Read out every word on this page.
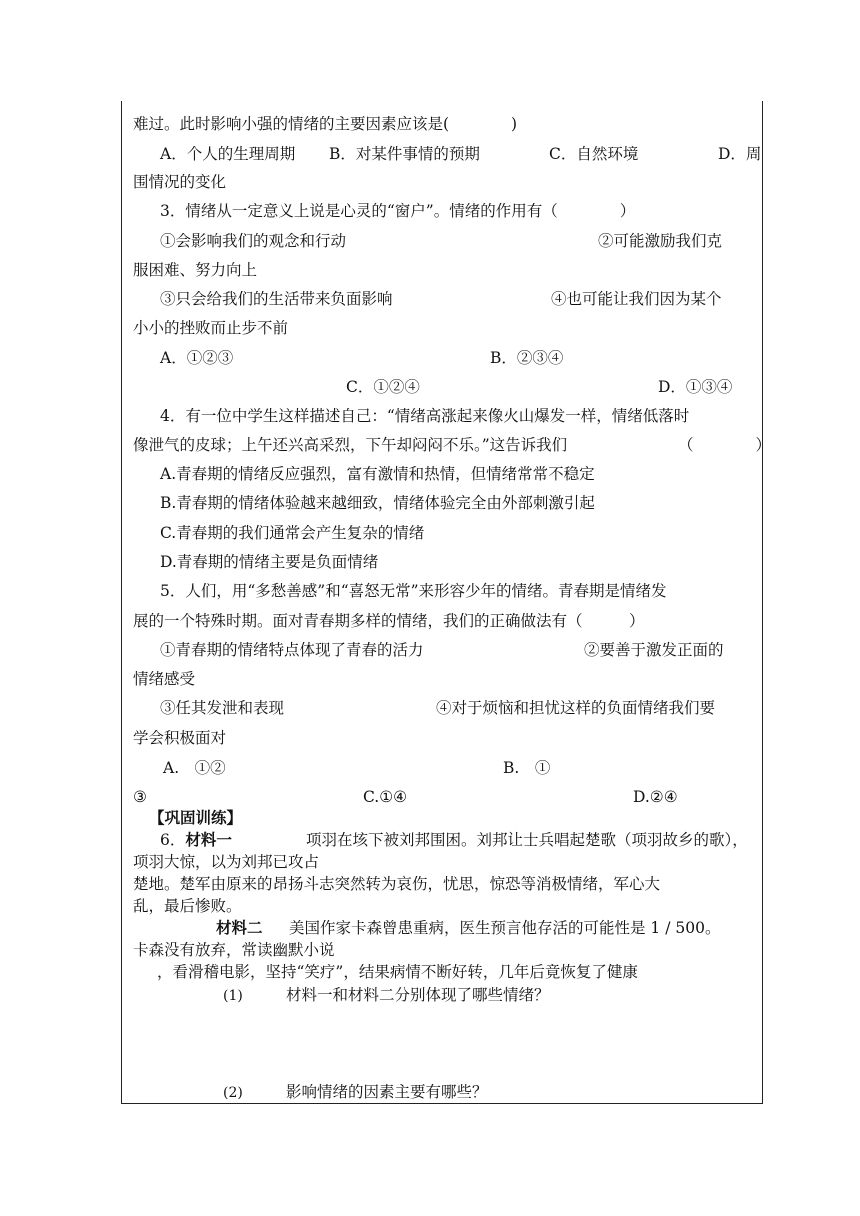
难过。此时影响小强的情绪的主要因素应该是(　　　　)
A．个人的生理周期 B．对某件事情的预期	C．自然环境	D．周
围情况的变化
3．情绪从一定意义上说是心灵的“窗户”。情绪的作用有（　　　　）
①会影响我们的观念和行动	②可能激励我们克
服困难、努力向上
③只会给我们的生活带来负面影响	④也可能让我们因为某个
小小的挫败而止步不前
A．①②③	B．②③④
C．①②④	D．①③④
4．有一位中学生这样描述自己：“情绪高涨起来像火山爆发一样，情绪低落时
像泄气的皮球；上午还兴高采烈，下午却闷闷不乐。”这告诉我们	（　　　　）
A.青春期的情绪反应强烈，富有激情和热情，但情绪常常不稳定
B.青春期的情绪体验越来越细致，情绪体验完全由外部刺激引起
C.青春期的我们通常会产生复杂的情绪
D.青春期的情绪主要是负面情绪
5．人们，用“多愁善感”和“喜怒无常”来形容少年的情绪。青春期是情绪发
展的一个特殊时期。面对青春期多样的情绪，我们的正确做法有（　　　）
①青春期的情绪特点体现了青春的活力	②要善于激发正面的
情绪感受
③任其发泄和表现	④对于烦恼和担忧这样的负面情绪我们要
学会积极面对
A.　①②	B.　①
③	C.①④	D.②④
【巩固训练】
6．材料一	项羽在垓下被刘邦围困。刘邦让士兵唱起楚歌（项羽故乡的歌），
项羽大惊，以为刘邦已攻占
楚地。楚军由原来的昂扬斗志突然转为哀伤，忧思，惊恐等消极情绪，军心大
乱，最后惨败。
材料二 美国作家卡森曾患重病，医生预言他存活的可能性是 1 / 500。
卡森没有放弃，常读幽默小说
，看滑稽电影，坚持“笑疗”，结果病情不断好转，几年后竟恢复了健康
(1)	材料一和材料二分别体现了哪些情绪？
(2)	影响情绪的因素主要有哪些？
